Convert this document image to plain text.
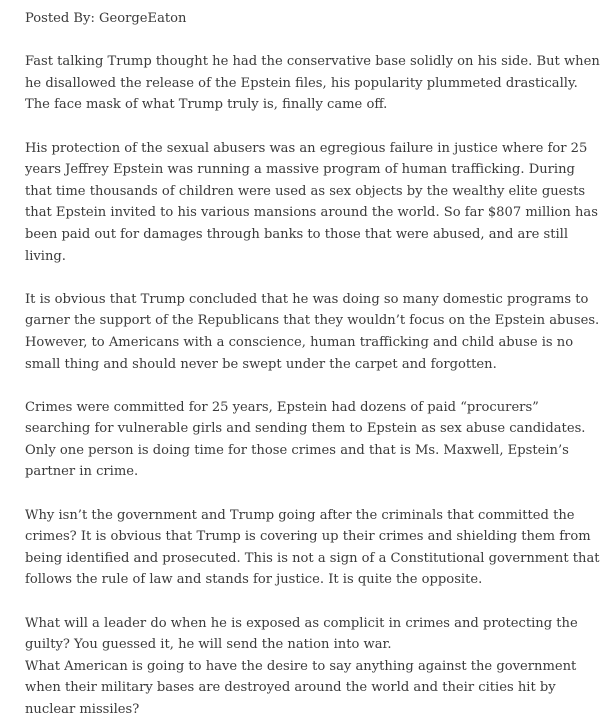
Posted By: GeorgeEaton

Fast talking Trump thought he had the conservative base solidly on his side. But when he disallowed the release of the Epstein files, his popularity plummeted drastically. The face mask of what Trump truly is, finally came off.

His protection of the sexual abusers was an egregious failure in justice where for 25 years Jeffrey Epstein was running a massive program of human trafficking. During that time thousands of children were used as sex objects by the wealthy elite guests that Epstein invited to his various mansions around the world. So far $807 million has been paid out for damages through banks to those that were abused, and are still living.

It is obvious that Trump concluded that he was doing so many domestic programs to garner the support of the Republicans that they wouldn’t focus on the Epstein abuses. However, to Americans with a conscience, human trafficking and child abuse is no small thing and should never be swept under the carpet and forgotten.

Crimes were committed for 25 years, Epstein had dozens of paid “procurers” searching for vulnerable girls and sending them to Epstein as sex abuse candidates. Only one person is doing time for those crimes and that is Ms. Maxwell, Epstein’s partner in crime.

Why isn’t the government and Trump going after the criminals that committed the crimes? It is obvious that Trump is covering up their crimes and shielding them from being identified and prosecuted. This is not a sign of a Constitutional government that follows the rule of law and stands for justice. It is quite the opposite.

What will a leader do when he is exposed as complicit in crimes and protecting the guilty? You guessed it, he will send the nation into war.

What American is going to have the desire to say anything against the government when their military bases are destroyed around the world and their cities hit by nuclear missiles?
